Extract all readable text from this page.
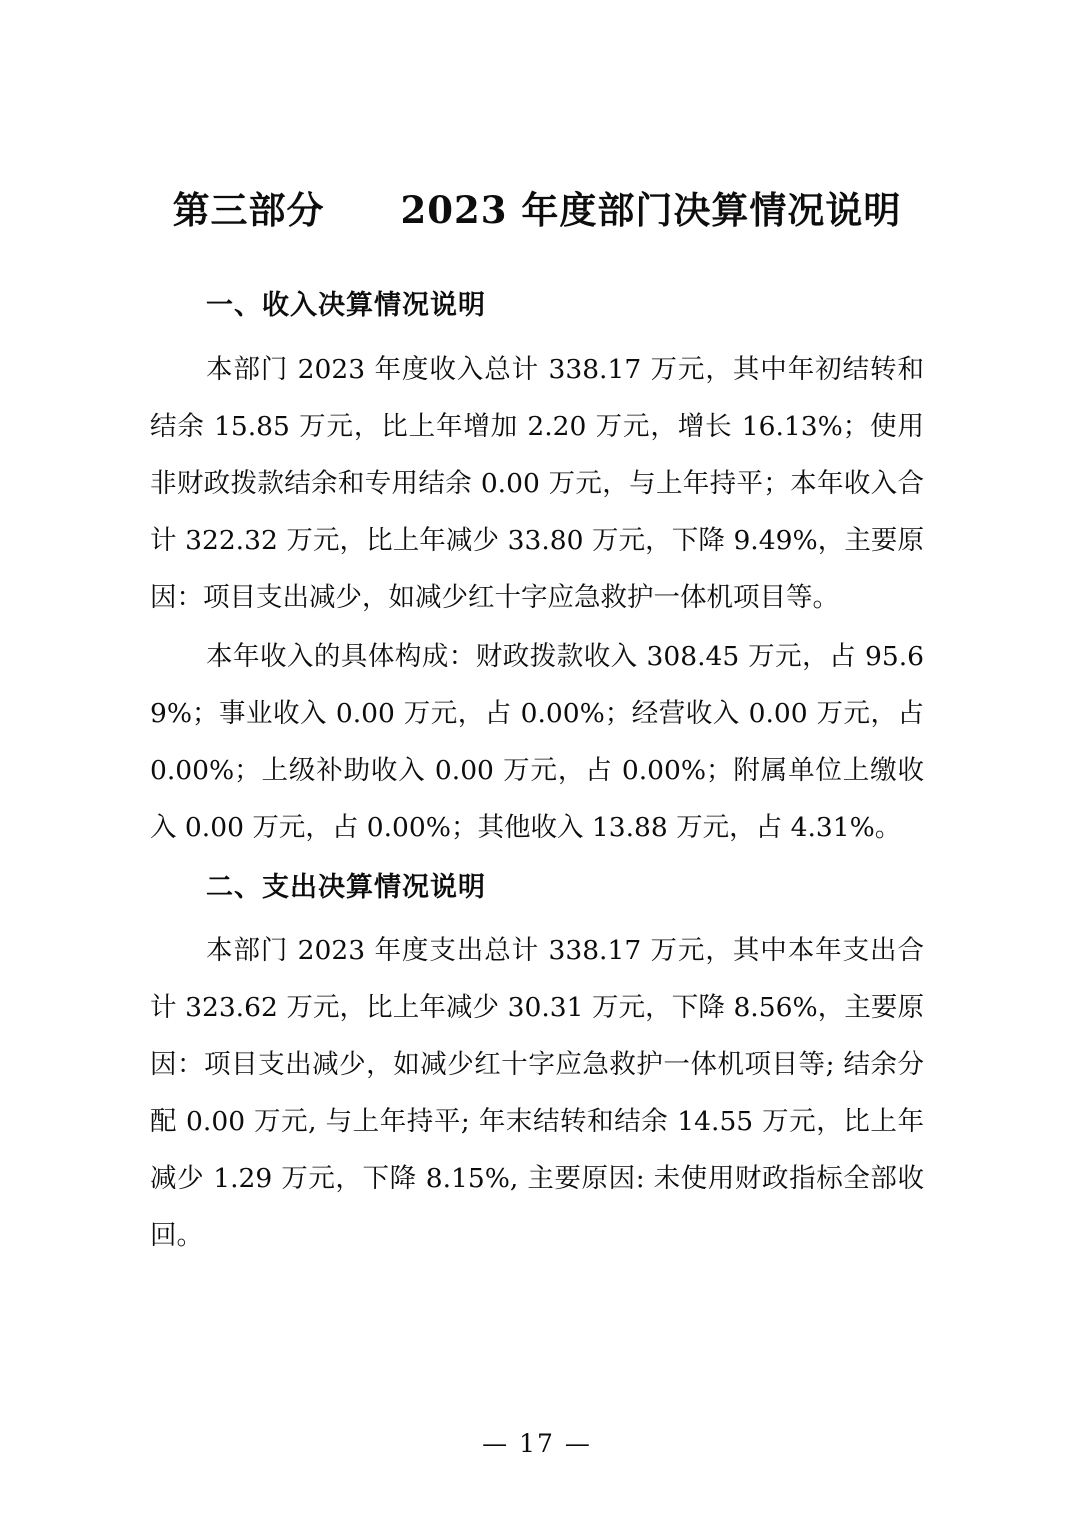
第三部分　　2023 年度部门决算情况说明
一、收入决算情况说明

本部门 2023 年度收入总计 338.17 万元，其中年初结转和结余 15.85 万元，比上年增加 2.20 万元，增长 16.13%；使用非财政拨款结余和专用结余 0.00 万元，与上年持平；本年收入合计 322.32 万元，比上年减少 33.80 万元，下降 9.49%，主要原因：项目支出减少，如减少红十字应急救护一体机项目等。

本年收入的具体构成：财政拨款收入 308.45 万元，占 95.69%；事业收入 0.00 万元，占 0.00%；经营收入 0.00 万元，占 0.00%；上级补助收入 0.00 万元，占 0.00%；附属单位上缴收入 0.00 万元，占 0.00%；其他收入 13.88 万元，占 4.31%。

二、支出决算情况说明

本部门 2023 年度支出总计 338.17 万元，其中本年支出合计 323.62 万元，比上年减少 30.31 万元，下降 8.56%，主要原因：项目支出减少，如减少红十字应急救护一体机项目等; 结余分配 0.00 万元, 与上年持平; 年末结转和结余 14.55 万元，比上年减少 1.29 万元，下降 8.15%, 主要原因: 未使用财政指标全部收回。

— 17 —
